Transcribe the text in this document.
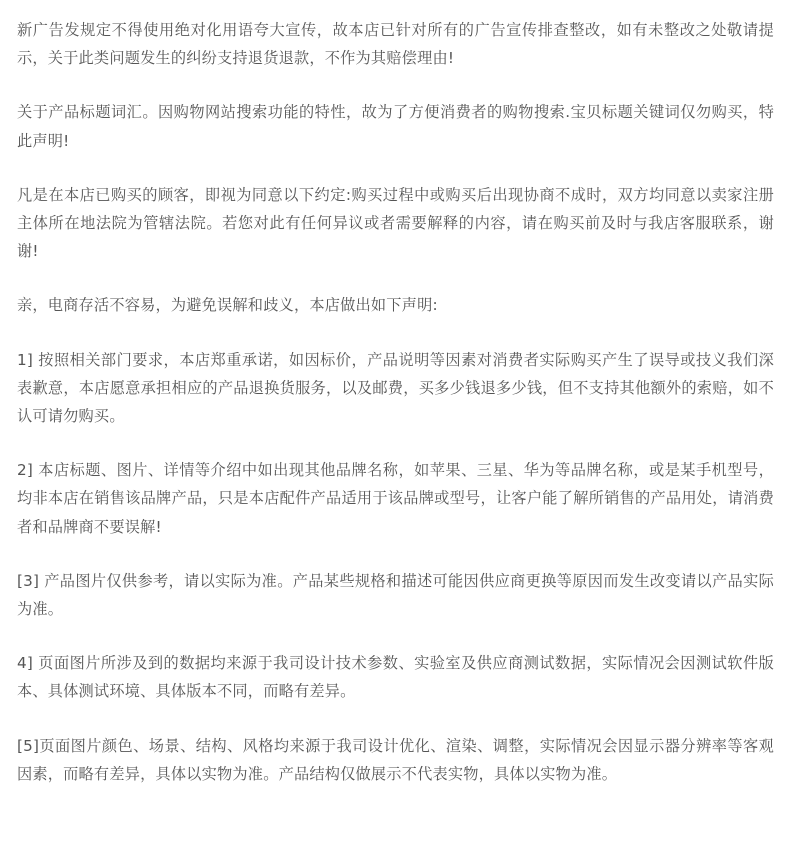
新广告发规定不得使用绝对化用语夸大宣传，故本店已针对所有的广告宣传排查整改，如有未整改之处敬请提示，关于此类问题发生的纠纷支持退货退款，不作为其赔偿理由!

关于产品标题词汇。因购物网站搜索功能的特性，故为了方便消费者的购物搜索.宝贝标题关键词仅勿购买，特此声明!

凡是在本店已购买的顾客，即视为同意以下约定:购买过程中或购买后出现协商不成时，双方均同意以卖家注册主体所在地法院为管辖法院。若您对此有任何异议或者需要解释的内容，请在购买前及时与我店客服联系，谢谢!

亲，电商存活不容易，为避免误解和歧义，本店做出如下声明:

1] 按照相关部门要求，本店郑重承诺，如因标价，产品说明等因素对消费者实际购买产生了误导或技义我们深表歉意，本店愿意承担相应的产品退换货服务，以及邮费，买多少钱退多少钱，但不支持其他额外的索赔，如不认可请勿购买。

2] 本店标题、图片、详情等介绍中如出现其他品牌名称，如苹果、三星、华为等品牌名称，或是某手机型号，均非本店在销售该品牌产品，只是本店配件产品适用于该品牌或型号，让客户能了解所销售的产品用处，请消费者和品牌商不要误解!

[3] 产品图片仅供参考，请以实际为准。产品某些规格和描述可能因供应商更换等原因而发生改变请以产品实际为准。

4] 页面图片所涉及到的数据均来源于我司设计技术参数、实验室及供应商测试数据，实际情况会因测试软件版本、具体测试环境、具体版本不同，而略有差异。

[5]页面图片颜色、场景、结构、风格均来源于我司设计优化、渲染、调整，实际情况会因显示器分辨率等客观因素，而略有差异，具体以实物为准。产品结构仅做展示不代表实物，具体以实物为准。
